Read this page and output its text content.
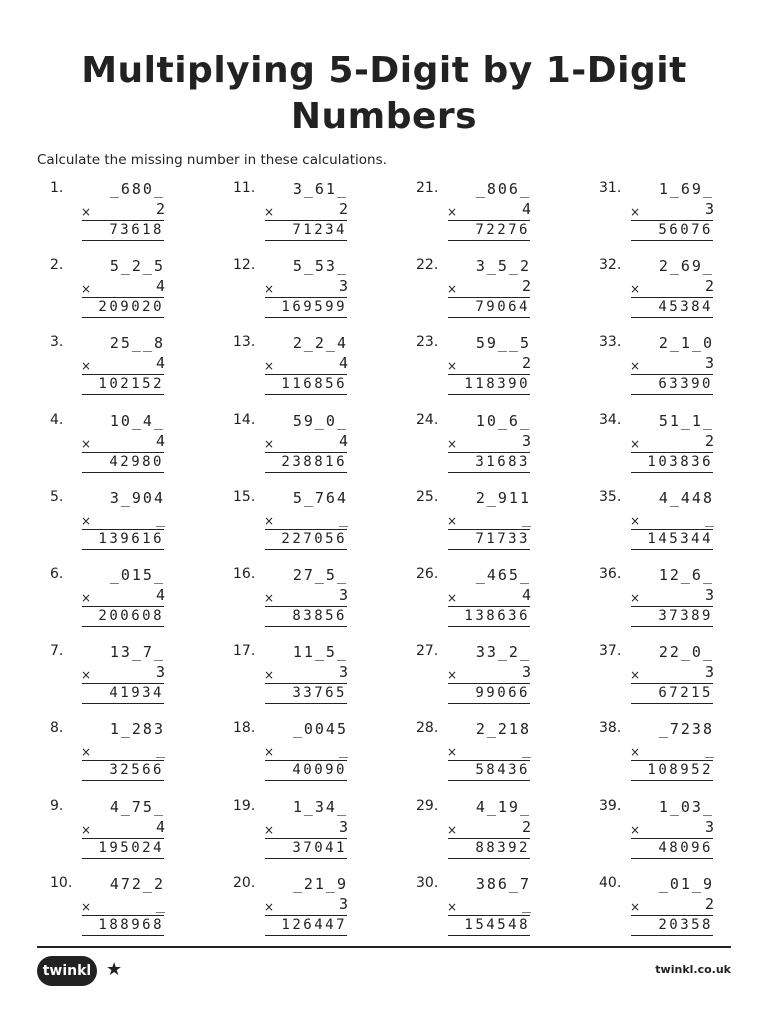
Multiplying 5-Digit by 1-Digit
Numbers
Calculate the missing number in these calculations.
1.	_680_
×	2
73618
2.	5_2_5
×	4
209020
3.	25__8
×	4
102152
4.	10_4_
×	4
42980
5.	3_904
×	_
139616
6.	_015_
×	4
200608
7.	13_7_
×	3
41934
8.	1_283
×	_
32566
9.	4_75_
×	4
195024
10.	472_2
×	_
188968
11.	3_61_
×	2
71234
12.	5_53_
×	3
169599
13.	2_2_4
×	4
116856
14.	59_0_
×	4
238816
15.	5_764
×	_
227056
16.	27_5_
×	3
83856
17.	11_5_
×	3
33765
18.	_0045
×	_
40090
19.	1_34_
×	3
37041
20.	_21_9
×	3
126447
21.	_806_
×	4
72276
22.	3_5_2
×	2
79064
23.	59__5
×	2
118390
24.	10_6_
×	3
31683
25.	2_911
×	_
71733
26.	_465_
×	4
138636
27.	33_2_
×	3
99066
28.	2_218
×	_
58436
29.	4_19_
×	2
88392
30.	386_7
×	_
154548
31.	1_69_
×	3
56076
32.	2_69_
×	2
45384
33.	2_1_0
×	3
63390
34.	51_1_
×	2
103836
35.	4_448
×	_
145344
36.	12_6_
×	3
37389
37.	22_0_
×	3
67215
38.	_7238
×	_
108952
39.	1_03_
×	3
48096
40.	_01_9
×	2
20358
twinkl ★	twinkl.co.uk
